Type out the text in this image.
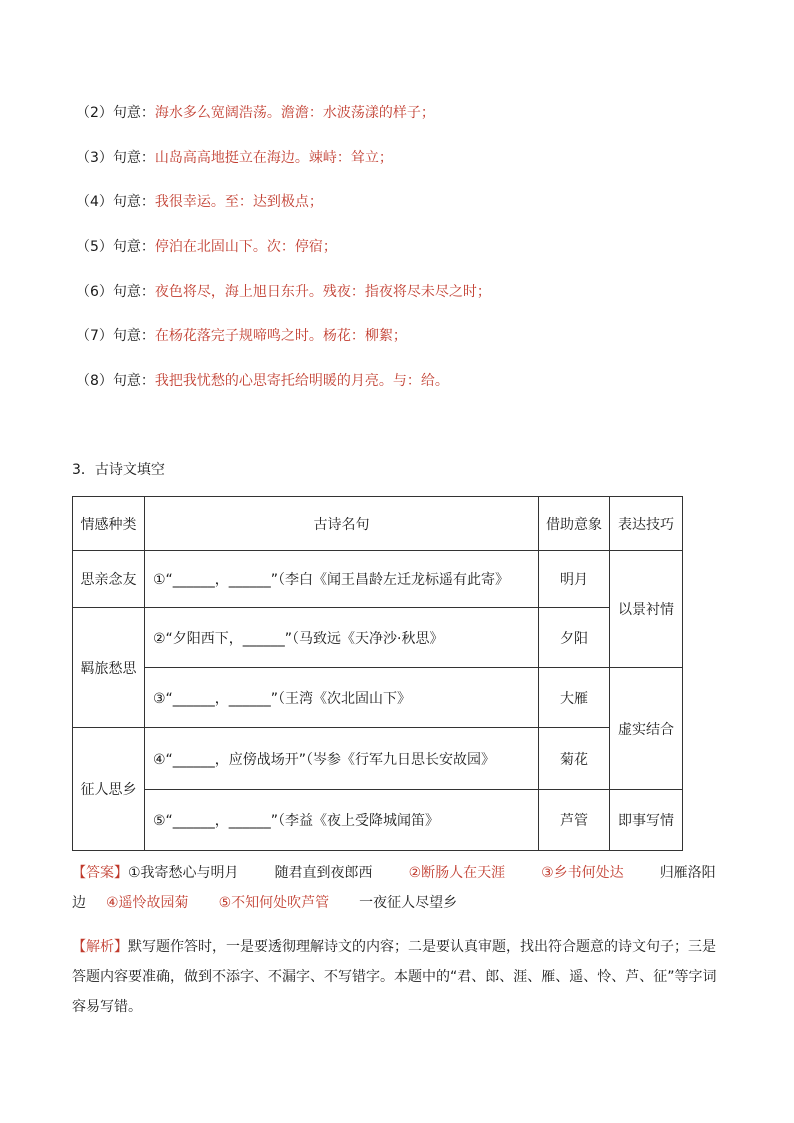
（2）句意：海水多么宽阔浩荡。澹澹：水波荡漾的样子；
（3）句意：山岛高高地挺立在海边。竦峙：耸立；
（4）句意：我很幸运。至：达到极点；
（5）句意：停泊在北固山下。次：停宿；
（6）句意：夜色将尽，海上旭日东升。残夜：指夜将尽未尽之时；
（7）句意：在杨花落完子规啼鸣之时。杨花：柳絮；
（8）句意：我把我忧愁的心思寄托给明暖的月亮。与：给。
3．古诗文填空
情感种类	古诗名句	借助意象	表达技巧
思亲念友	①“______，______”（李白《闻王昌龄左迁龙标遥有此寄》	明月	以景衬情
羁旅愁思	②“夕阳西下，______”（马致远《天净沙·秋思》	夕阳	
	③“______，______”（王湾《次北固山下》	大雁	虚实结合
征人思乡	④“______，应傍战场开”（岑参《行军九日思长安故园》	菊花	
	⑤“______，______”（李益《夜上受降城闻笛》	芦管	即事写情
【答案】①我寄愁心与明月	随君直到夜郎西	②断肠人在天涯	③乡书何处达	归雁洛阳
边 ④遥怜故园菊 ⑤不知何处吹芦管 一夜征人尽望乡
【解析】默写题作答时，一是要透彻理解诗文的内容；二是要认真审题，找出符合题意的诗文句子；三是答题内容要准确，做到不添字、不漏字、不写错字。本题中的“君、郎、涯、雁、遥、怜、芦、征”等字词容易写错。
